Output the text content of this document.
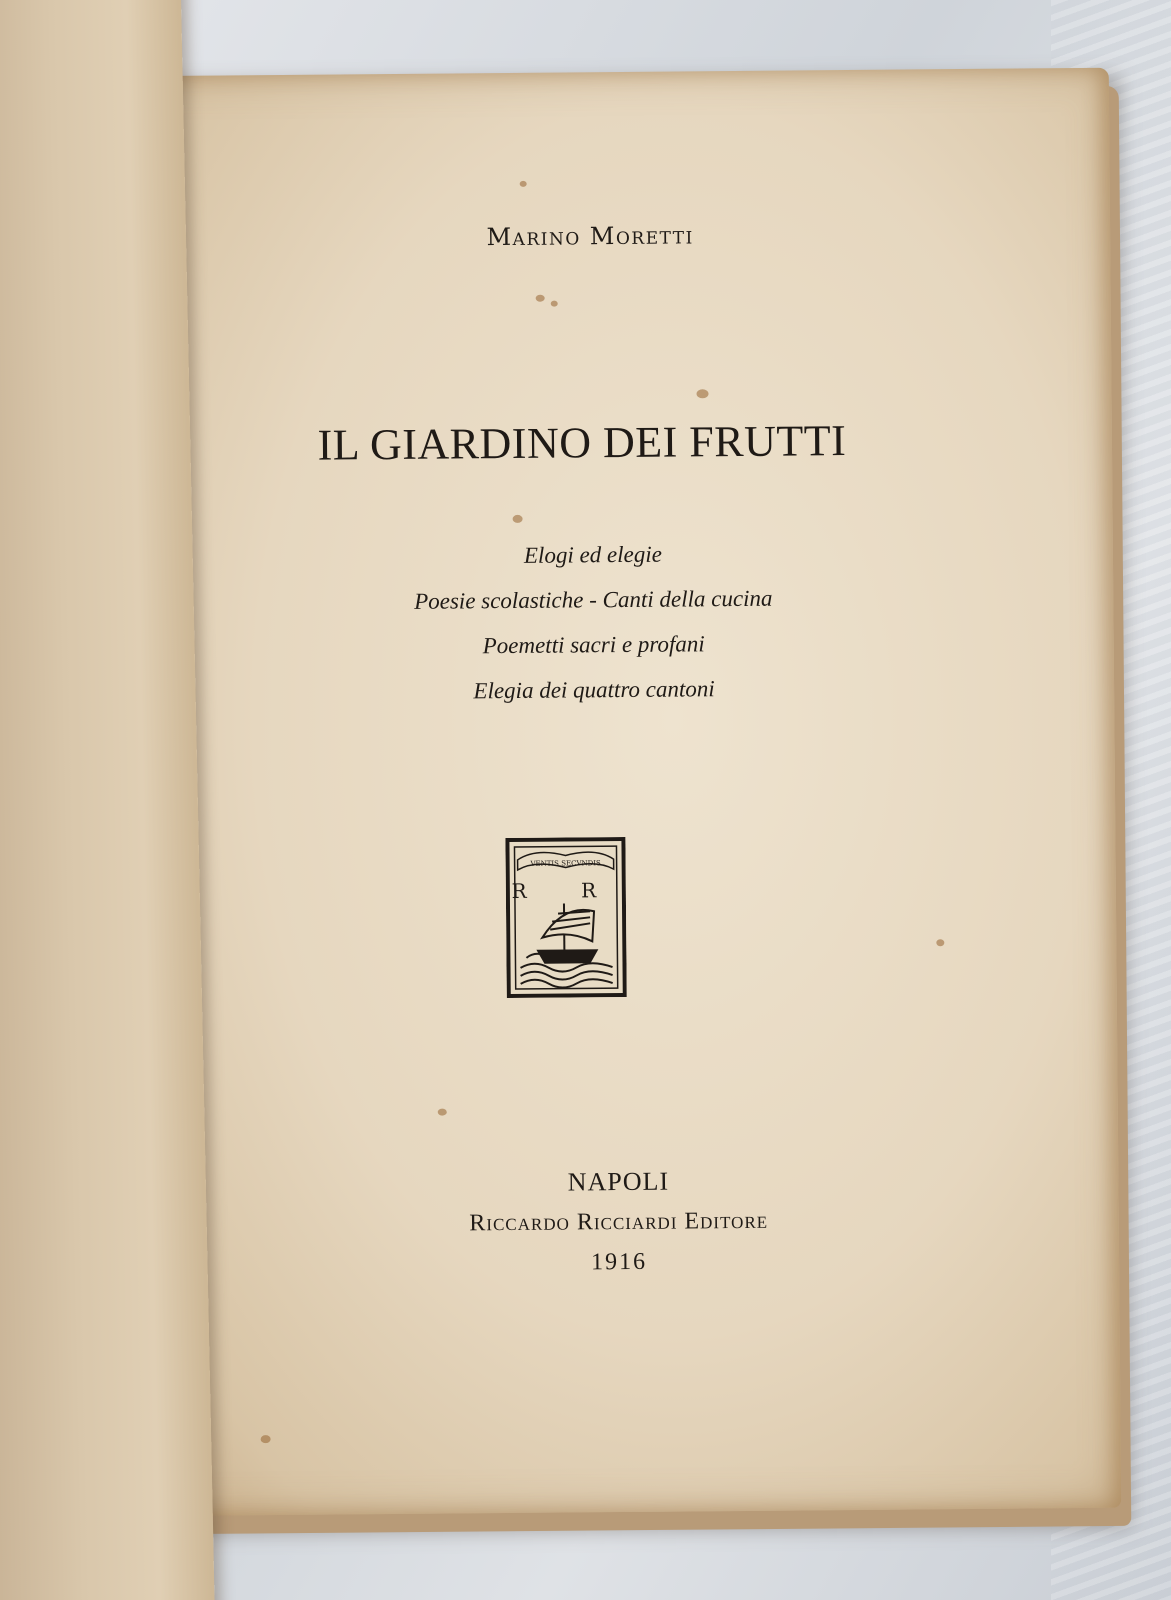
Marino Moretti
IL GIARDINO DEI FRUTTI
Elogi ed elegie
Poesie scolastiche - Canti della cucina
Poemetti sacri e profani
Elegia dei quattro cantoni
VENTIS SECVNDIS
R R
NAPOLI
Riccardo Ricciardi Editore
1916
